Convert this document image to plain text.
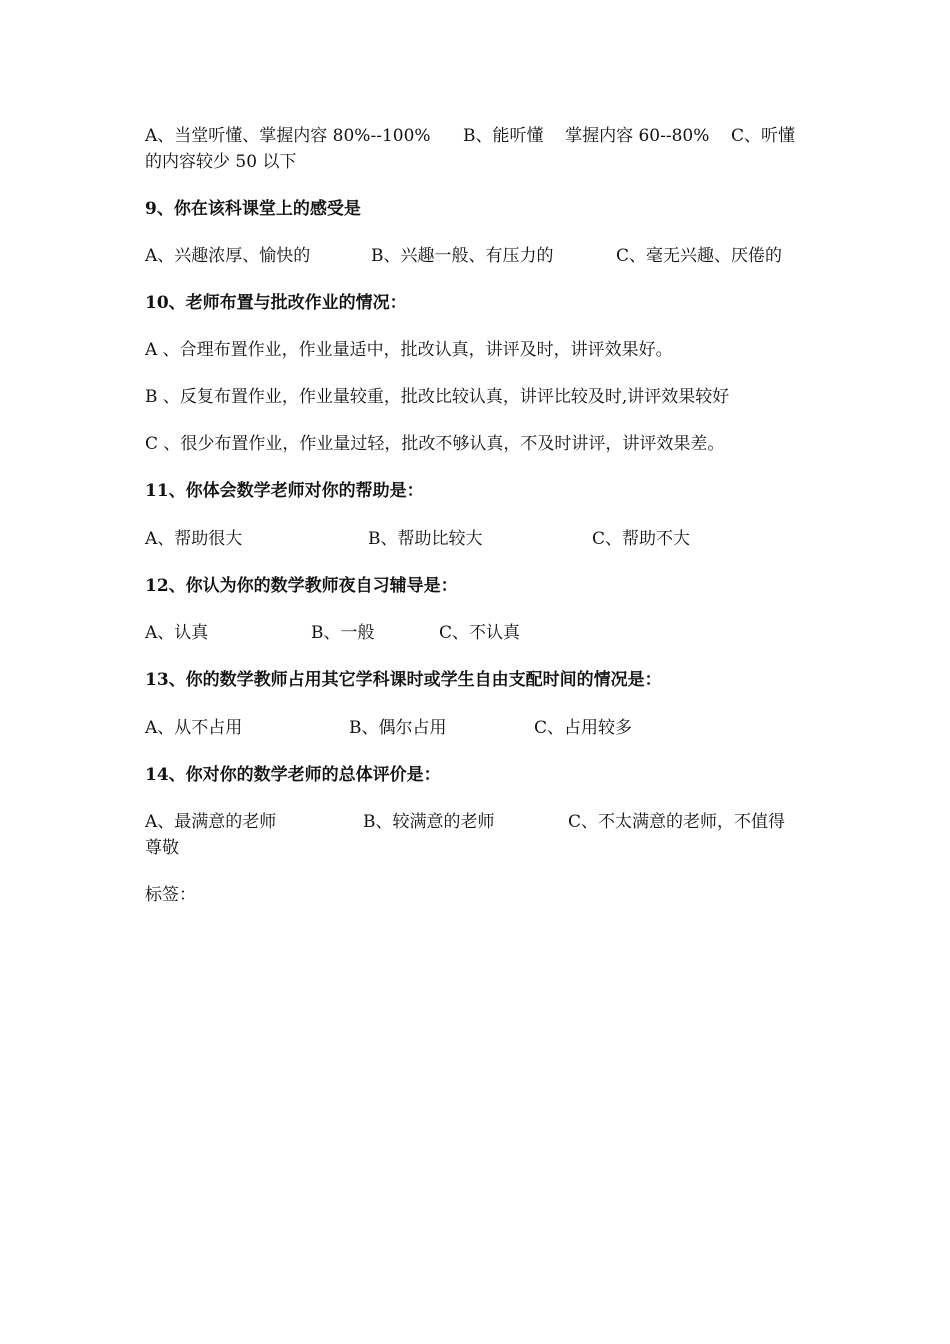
A、当堂听懂、掌握内容 80%--100%      B、能听懂    掌握内容 60--80%    C、听懂
的内容较少 50 以下
9、你在该科课堂上的感受是
A、兴趣浓厚、愉快的	B、兴趣一般、有压力的	C、毫无兴趣、厌倦的
10、老师布置与批改作业的情况：
A 、合理布置作业，作业量适中，批改认真，讲评及时，讲评效果好。
B 、反复布置作业，作业量较重，批改比较认真，讲评比较及时,讲评效果较好
C 、很少布置作业，作业量过轻，批改不够认真，不及时讲评，讲评效果差。
11、你体会数学老师对你的帮助是：
A、帮助很大	B、帮助比较大	C、帮助不大
12、你认为你的数学教师夜自习辅导是：
A、认真	B、一般	C、不认真
13、你的数学教师占用其它学科课时或学生自由支配时间的情况是：
A、从不占用	B、偶尔占用	C、占用较多
14、你对你的数学老师的总体评价是：
A、最满意的老师	B、较满意的老师	C、不太满意的老师，不值得
尊敬
标签：
